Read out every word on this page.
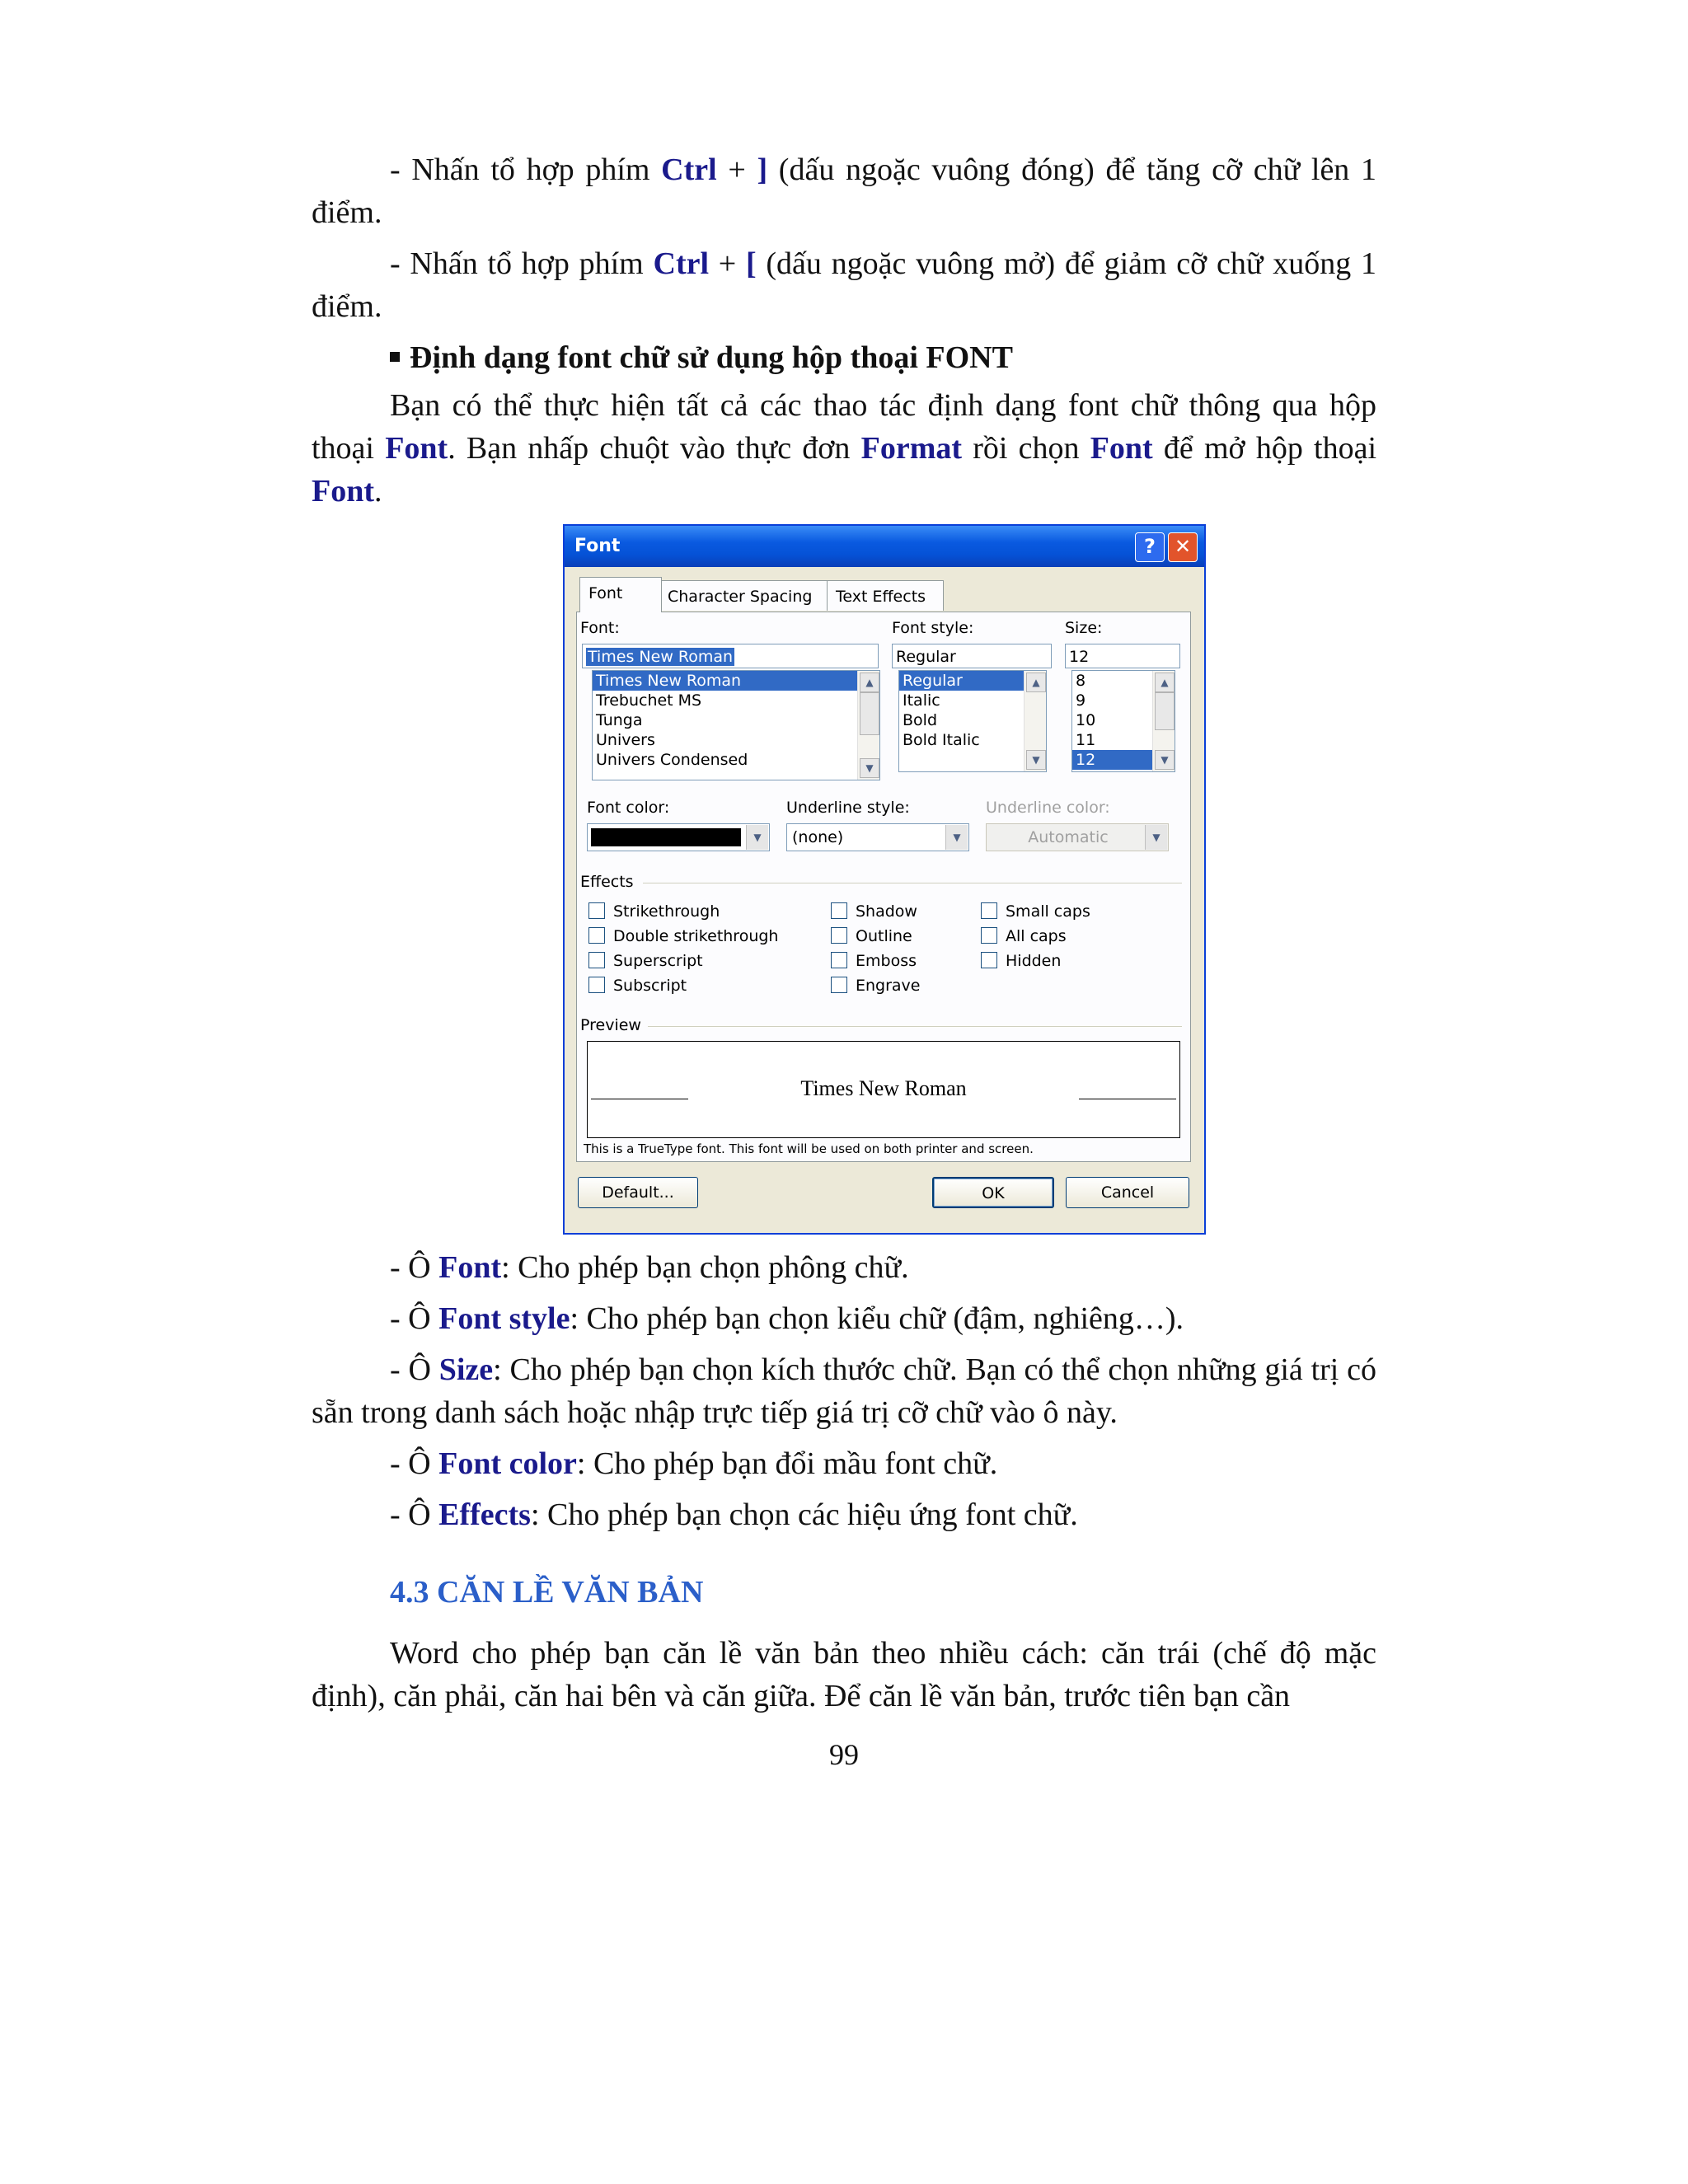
- Nhấn tổ hợp phím Ctrl + ] (dấu ngoặc vuông đóng) để tăng cỡ chữ lên 1 điểm.

- Nhấn tổ hợp phím Ctrl + [ (dấu ngoặc vuông mở) để giảm cỡ chữ xuống 1 điểm.

Định dạng font chữ sử dụng hộp thoại FONT

Bạn có thể thực hiện tất cả các thao tác định dạng font chữ thông qua hộp thoại Font. Bạn nhấp chuột vào thực đơn Format rồi chọn Font để mở hộp thoại Font.

Font	? ✕
Font	Character Spacing	Text Effects
Font:
Times New Roman
Times New Roman
Trebuchet MS
Tunga
Univers
Univers Condensed
▲
▼
Font style:
Regular
Regular
Italic
Bold
Bold Italic
▲
▼
Size:
12
8
9
10
11
12
▲
▼
Font color:
▼
Underline style:
(none)	▼
Underline color:
Automatic	▼
Effects
Strikethrough
Double strikethrough
Superscript
Subscript
Shadow
Outline
Emboss
Engrave
Small caps
All caps
Hidden
Preview
Times New Roman
This is a TrueType font. This font will be used on both printer and screen.
Default...	OK	Cancel

- Ô Font: Cho phép bạn chọn phông chữ.

- Ô Font style: Cho phép bạn chọn kiểu chữ (đậm, nghiêng…).

- Ô Size: Cho phép bạn chọn kích thước chữ. Bạn có thể chọn những giá trị có sẵn trong danh sách hoặc nhập trực tiếp giá trị cỡ chữ vào ô này.

- Ô Font color: Cho phép bạn đổi mầu font chữ.

- Ô Effects: Cho phép bạn chọn các hiệu ứng font chữ.

4.3 CĂN LỀ VĂN BẢN

Word cho phép bạn căn lề văn bản theo nhiều cách: căn trái (chế độ mặc định), căn phải, căn hai bên và căn giữa. Để căn lề văn bản, trước tiên bạn cần

99
